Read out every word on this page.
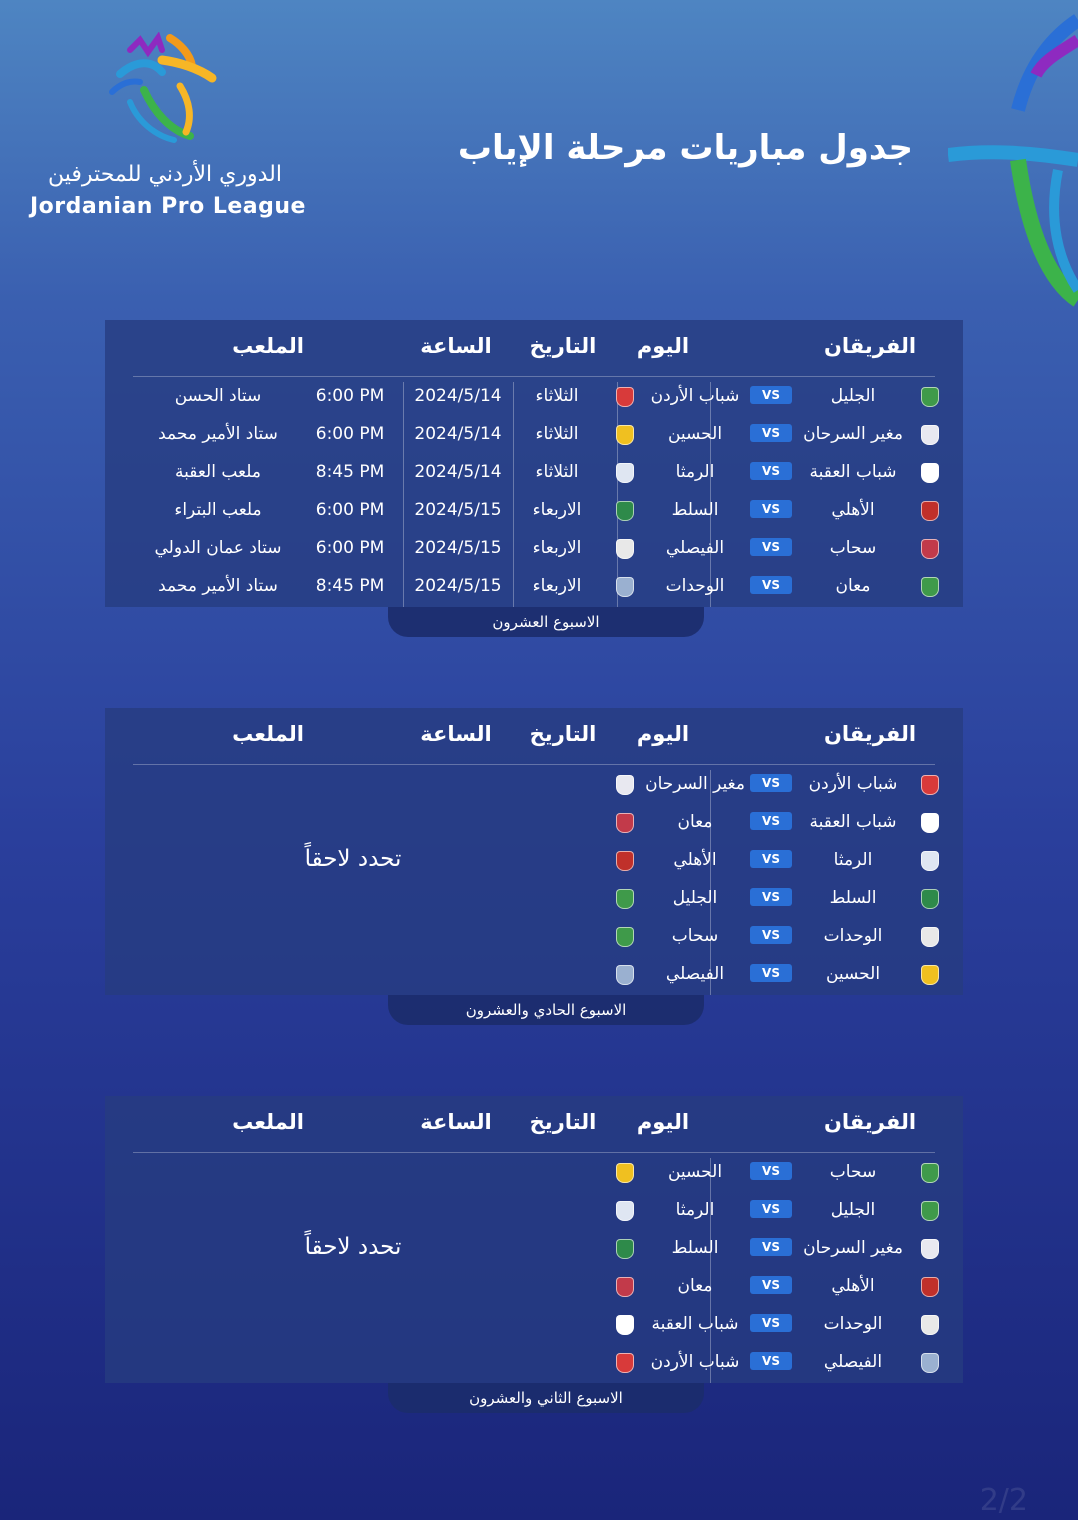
الدوري الأردني للمحترفين
Jordanian Pro League
جدول مباريات مرحلة الإياب
الفريقان
اليوم
التاريخ
الساعة
الملعب
الجليل
VS
شباب الأردن
الثلاثاء
2024/5/14
6:00 PM
ستاد الحسن
مغير السرحان
VS
الحسين
الثلاثاء
2024/5/14
6:00 PM
ستاد الأمير محمد
شباب العقبة
VS
الرمثا
الثلاثاء
2024/5/14
8:45 PM
ملعب العقبة
الأهلي
VS
السلط
الاربعاء
2024/5/15
6:00 PM
ملعب البتراء
سحاب
VS
الفيصلي
الاربعاء
2024/5/15
6:00 PM
ستاد عمان الدولي
معان
VS
الوحدات
الاربعاء
2024/5/15
8:45 PM
ستاد الأمير محمد
الاسبوع العشرون
الفريقان
اليوم
التاريخ
الساعة
الملعب
شباب الأردن
VS
مغير السرحان
شباب العقبة
VS
معان
الرمثا
VS
الأهلي
السلط
VS
الجليل
الوحدات
VS
سحاب
الحسين
VS
الفيصلي
تحدد لاحقاً
الاسبوع الحادي والعشرون
الفريقان
اليوم
التاريخ
الساعة
الملعب
سحاب
VS
الحسين
الجليل
VS
الرمثا
مغير السرحان
VS
السلط
الأهلي
VS
معان
الوحدات
VS
شباب العقبة
الفيصلي
VS
شباب الأردن
تحدد لاحقاً
الاسبوع الثاني والعشرون
2/2
